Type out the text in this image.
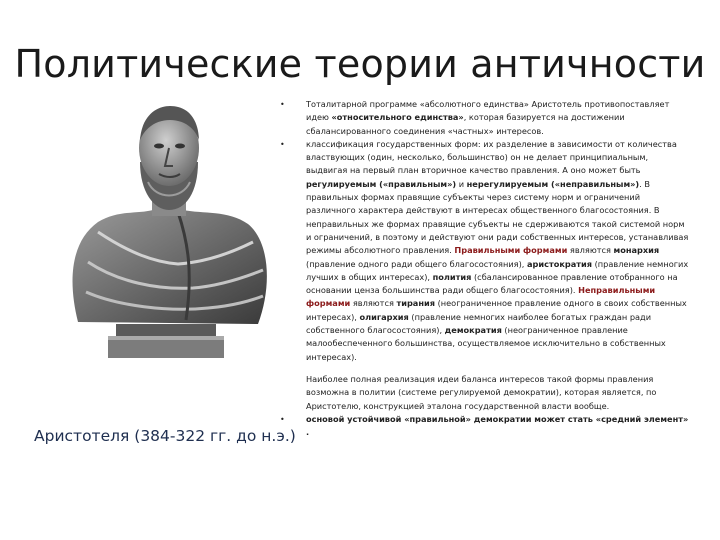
Политические теории античности
Аристотеля (384-322 гг. до н.э.)
•	Тоталитарной программе «абсолютного единства» Аристотель противопоставляет идею «относительного единства», которая базируется на достижении сбалансированного соединения «частных» интересов.
•	классификация государственных форм: их разделение в зависимости от количества властвующих (один, несколько, большинство) он не делает принципиальным, выдвигая на первый план вторичное качество правления. А оно может быть регулируемым («правильным») и нерегулируемым («неправильным»). В правильных формах правящие субъекты через систему норм и ограничений различного характера действуют в интересах общественного благосостояния. В неправильных же формах правящие субъекты не сдерживаются такой системой норм и ограничений, в поэтому и действуют они ради собственных интересов, устанавливая режимы абсолютного правления. Правильными формами являются монархия (правление одного ради общего благосостояния), аристократия (правление немногих лучших в общих интересах), полития (сбалансированное правление отобранного на основании ценза большинства ради общего благосостояния). Неправильными формами являются тирания (неограниченное правление одного в своих собственных интересах), олигархия (правление немногих наиболее богатых граждан ради собственного благосостояния), демократия (неограниченное правление малообеспеченного большинства, осуществляемое исключительно в собственных интересах).
Наиболее полная реализация идеи баланса интересов такой формы правления возможна в политии (системе регулируемой демократии), которая является, по Аристотелю, конструкцией эталона государственной власти вообще.
•	основой устойчивой «правильной» демократии может стать «средний элемент» .
